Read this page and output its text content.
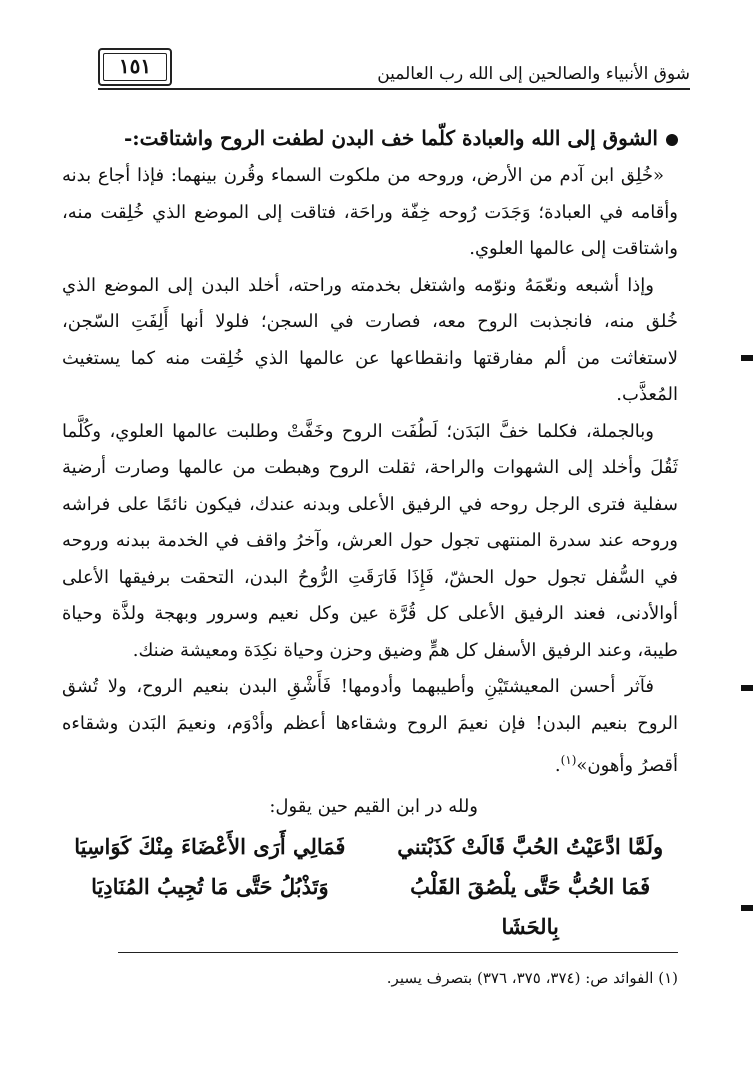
١٥١	شوق الأنبياء والصالحين إلى الله رب العالمين
الشوق إلى الله والعبادة كلّما خف البدن لطفت الروح واشتاقت:-

«خُلِق ابن آدم من الأرض، وروحه من ملكوت السماء وقُرن بينهما: فإذا أجاع بدنه وأقامه في العبادة؛ وَجَدَت رُوحه خِفّة وراحَة، فتاقت إلى الموضع الذي خُلِقت منه، واشتاقت إلى عالمها العلوي.

وإذا أشبعه ونعّمَهُ ونوّمه واشتغل بخدمته وراحته، أخلد البدن إلى الموضع الذي خُلق منه، فانجذبت الروح معه، فصارت في السجن؛ فلولا أنها أَلِفَتِ السّجن، لاستغاثت من ألم مفارقتها وانقطاعها عن عالمها الذي خُلِقت منه كما يستغيث المُعذَّب.

وبالجملة، فكلما خفَّ البَدَن؛ لَطُفَت الروح وخَفَّتْ وطلبت عالمها العلوي، وكُلَّما ثَقُلَ وأخلد إلى الشهوات والراحة، ثقلت الروح وهبطت من عالمها وصارت أرضية سفلية فترى الرجل روحه في الرفيق الأعلى وبدنه عندك، فيكون نائمًا على فراشه وروحه عند سدرة المنتهى تجول حول العرش، وآخرُ واقف في الخدمة ببدنه وروحه في السُّفل تجول حول الحشّ، فَإِذَا فَارَقَتِ الرُّوحُ البدن، التحقت برفيقها الأعلى أوالأدنى، فعند الرفيق الأعلى كل قُرَّة عين وكل نعيم وسرور وبهجة ولذَّة وحياة طيبة، وعند الرفيق الأسفل كل همٍّ وضيق وحزن وحياة نكِدَة ومعيشة ضنك.

فآثر أحسن المعيشتَيْنِ وأطيبهما وأدومها! فَأَشْقِ البدن بنعيم الروح، ولا تُشق الروح بنعيم البدن! فإن نعيمَ الروح وشقاءها أعظم وأدْوَم، ونعيمَ البَدن وشقاءه أقصرُ وأهون»$^{(١)}$.

ولله در ابن القيم حين يقول:
ولَمَّا ادَّعَيْتُ الحُبَّ قَالَتْ كَذَبْتني
فَمَالِي أَرَى الأَعْضَاءَ مِنْكَ كَوَاسِيَا
فَمَا الحُبُّ حَتَّى يلْصُقَ القَلْبُ بِالحَشَا
وَتَذْبُلُ حَتَّى مَا تُجِيبُ المُنَادِيَا
(١) الفوائد ص: (٣٧٤، ٣٧٥، ٣٧٦) بتصرف يسير.
